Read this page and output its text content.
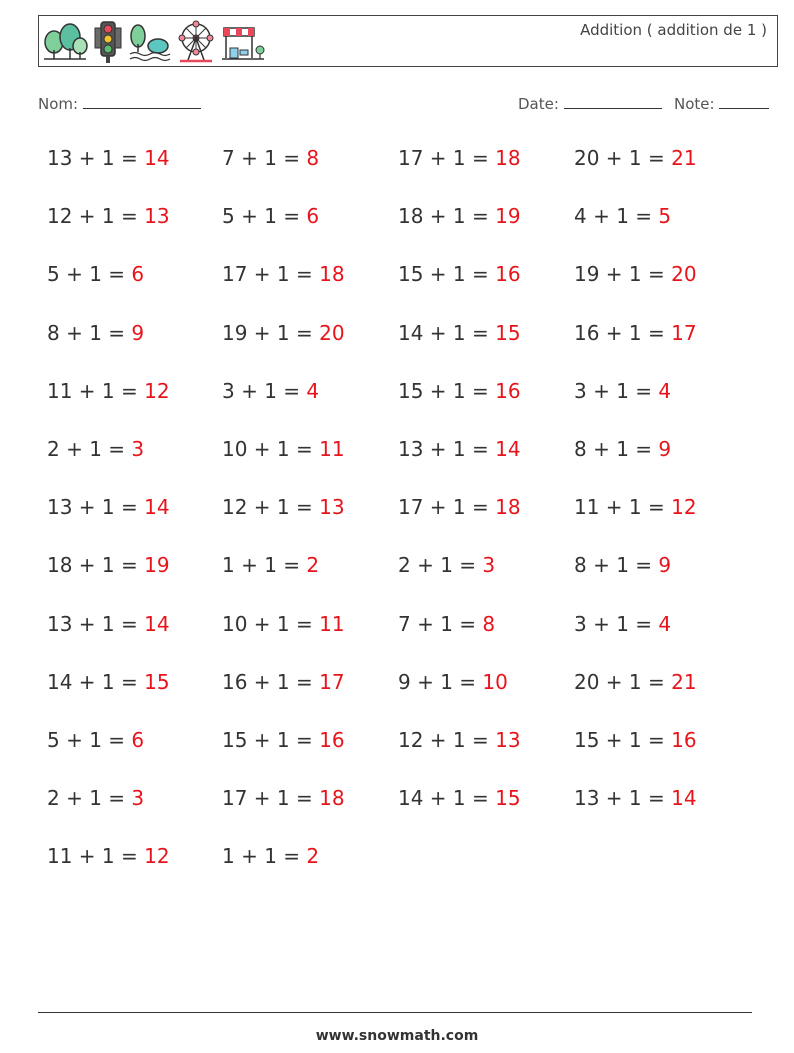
Addition ( addition de 1 )
Nom:	Date:	Note:
13 + 1 = 14
12 + 1 = 13
5 + 1 = 6
8 + 1 = 9
11 + 1 = 12
2 + 1 = 3
13 + 1 = 14
18 + 1 = 19
13 + 1 = 14
14 + 1 = 15
5 + 1 = 6
2 + 1 = 3
11 + 1 = 12
7 + 1 = 8
5 + 1 = 6
17 + 1 = 18
19 + 1 = 20
3 + 1 = 4
10 + 1 = 11
12 + 1 = 13
1 + 1 = 2
10 + 1 = 11
16 + 1 = 17
15 + 1 = 16
17 + 1 = 18
1 + 1 = 2
17 + 1 = 18
18 + 1 = 19
15 + 1 = 16
14 + 1 = 15
15 + 1 = 16
13 + 1 = 14
17 + 1 = 18
2 + 1 = 3
7 + 1 = 8
9 + 1 = 10
12 + 1 = 13
14 + 1 = 15
20 + 1 = 21
4 + 1 = 5
19 + 1 = 20
16 + 1 = 17
3 + 1 = 4
8 + 1 = 9
11 + 1 = 12
8 + 1 = 9
3 + 1 = 4
20 + 1 = 21
15 + 1 = 16
13 + 1 = 14
www.snowmath.com
